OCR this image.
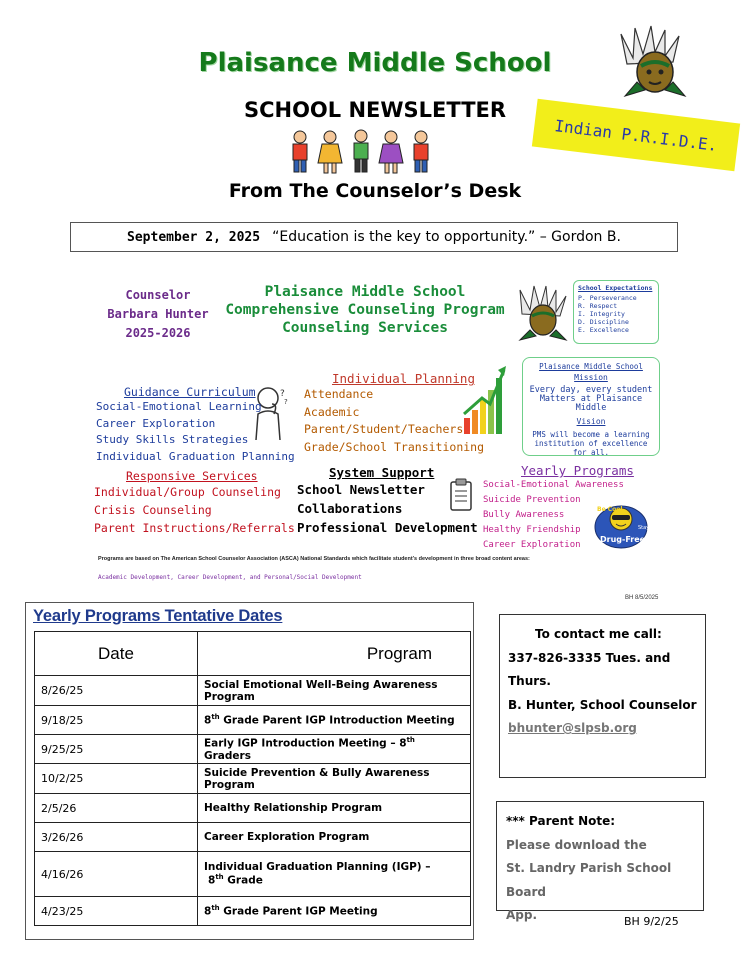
Plaisance Middle School
SCHOOL NEWSLETTER
From The Counselor’s Desk
Indian P.R.I.D.E.
September 2, 2025 “Education is the key to opportunity.” – Gordon B.
Counselor
Barbara Hunter
2025-2026
Plaisance Middle School
Comprehensive Counseling Program
Counseling Services
School Expectations
P. Perseverance
R. Respect
I. Integrity
D. Discipline
E. Excellence
Plaisance Middle School
Mission
Every day, every student Matters at Plaisance Middle
Vision
PMS will become a learning institution of excellence for all.
?
?
Guidance Curriculum
Social-Emotional Learning
Career Exploration
Study Skills Strategies
Individual Graduation Planning
Responsive Services
Individual/Group Counseling
Crisis Counseling
Parent Instructions/Referrals
Individual Planning
Attendance
Academic
Parent/Student/Teachers
Grade/School Transitioning
System Support
School Newsletter
Collaborations
Professional Development
Yearly Programs
Social-Emotional Awareness
Suicide Prevention
Bully Awareness
Healthy Friendship
Career Exploration
Be Cool
Drug-Free
Stay
Programs are based on The American School Counselor Association (ASCA) National Standards which facilitate student’s development in three broad content areas:
Academic Development, Career Development, and Personal/Social Development
BH 8/5/2025
Yearly Programs Tentative Dates
Date	Program
8/26/25	Social Emotional Well-Being Awareness Program
9/18/25	8th Grade Parent IGP Introduction Meeting
9/25/25	Early IGP Introduction Meeting – 8th Graders
10/2/25	Suicide Prevention & Bully Awareness Program
2/5/26	Healthy Relationship Program
3/26/26	Career Exploration Program
4/16/26	Individual Graduation Planning (IGP) –
8th Grade

4/23/25	8th Grade Parent IGP Meeting
To contact me call:
337-826-3335 Tues. and Thurs.
B. Hunter, School Counselor
bhunter@slpsb.org
*** Parent Note:
Please download the
St. Landry Parish School Board
App.	BH 9/2/25
